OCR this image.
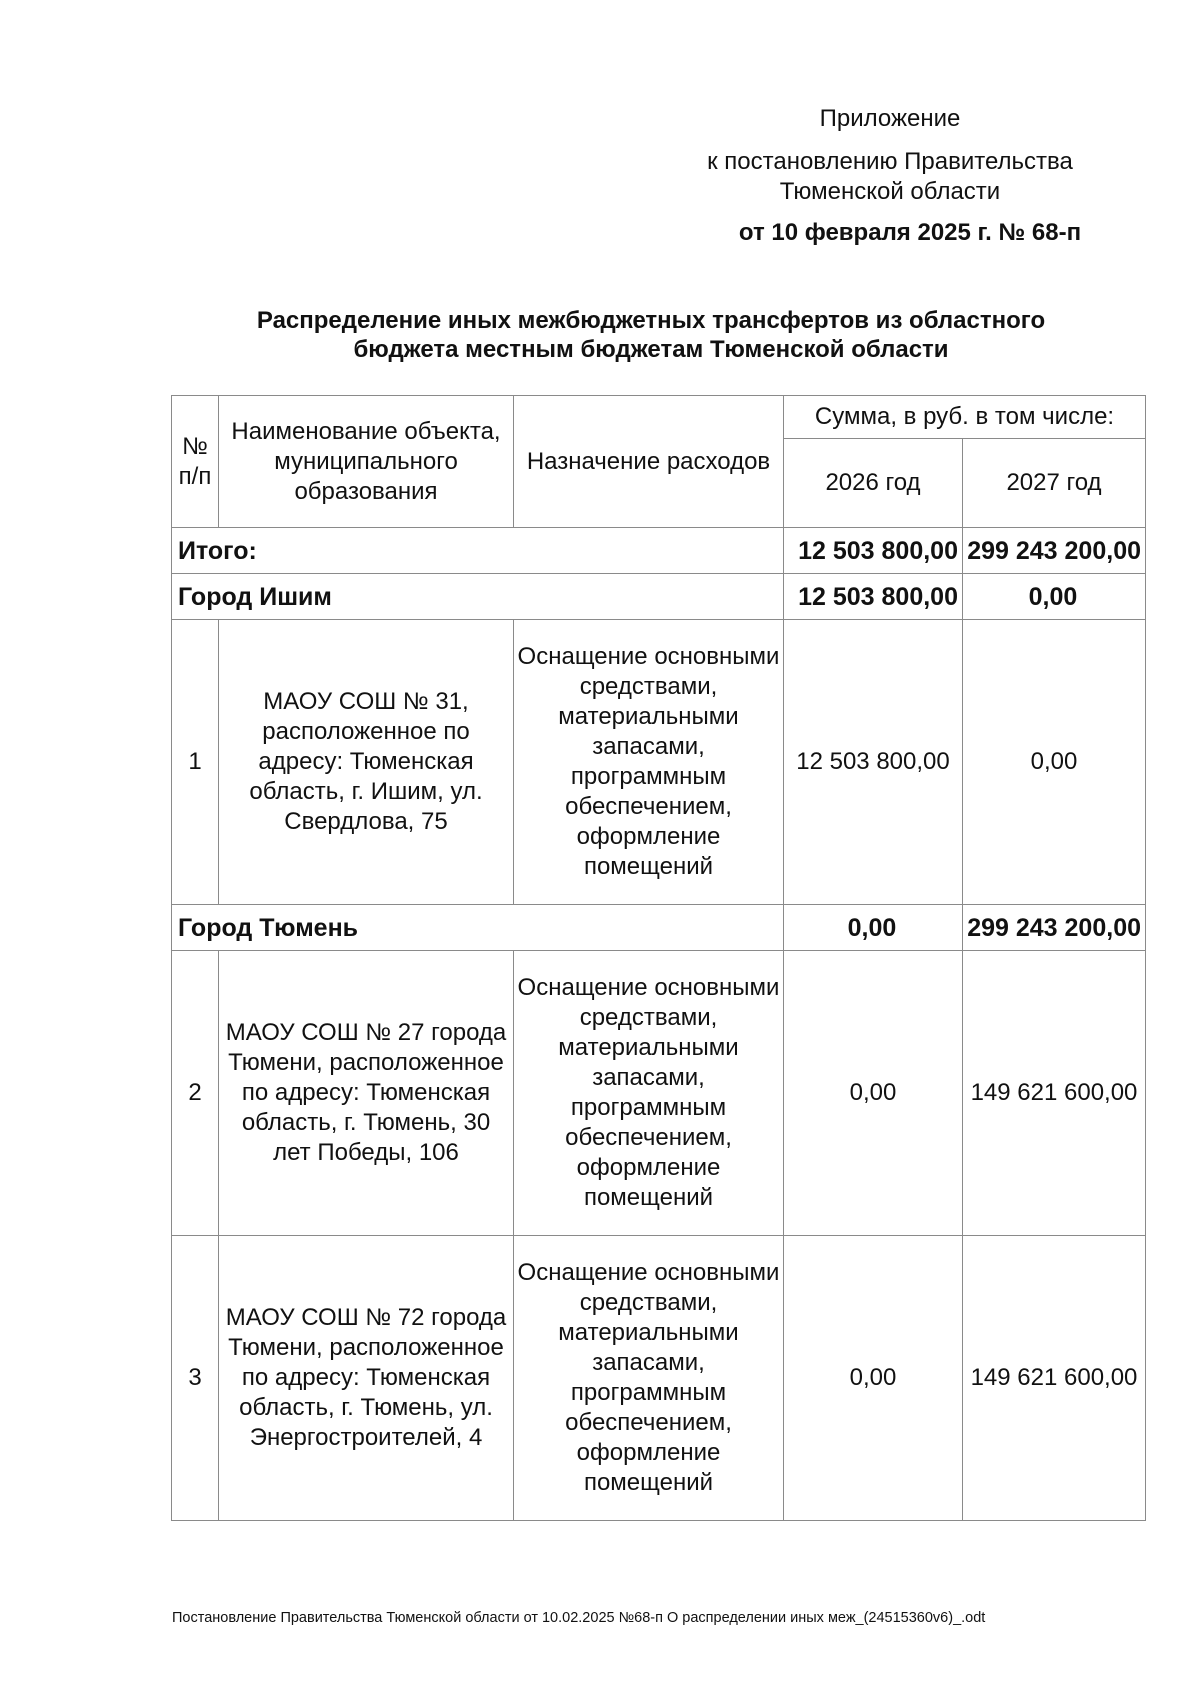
Приложение
к постановлению Правительства
Тюменской области
от 10 февраля 2025 г. № 68-п
Распределение иных межбюджетных трансфертов из областного
бюджета местным бюджетам Тюменской области
№ п/п	Наименование объекта, муниципального образования	Назначение расходов	Сумма, в руб. в том числе:	
			2026 год	2027 год
Итого:			12 503 800,00	299 243 200,00
Город Ишим			12 503 800,00	0,00
1	МАОУ СОШ № 31, расположенное по адресу: Тюменская область, г. Ишим, ул. Свердлова, 75	Оснащение основными средствами, материальными запасами, программным обеспечением, оформление помещений	12 503 800,00	0,00
Город Тюмень			0,00	299 243 200,00
2	МАОУ СОШ № 27 города Тюмени, расположенное по адресу: Тюменская область, г. Тюмень, 30 лет Победы, 106	Оснащение основными средствами, материальными запасами, программным обеспечением, оформление помещений	0,00	149 621 600,00
3	МАОУ СОШ № 72 города Тюмени, расположенное по адресу: Тюменская область, г. Тюмень, ул. Энергостроителей, 4	Оснащение основными средствами, материальными запасами, программным обеспечением, оформление помещений	0,00	149 621 600,00
Постановление Правительства Тюменской области от 10.02.2025 №68-п О распределении иных меж_(24515360v6)_.odt
